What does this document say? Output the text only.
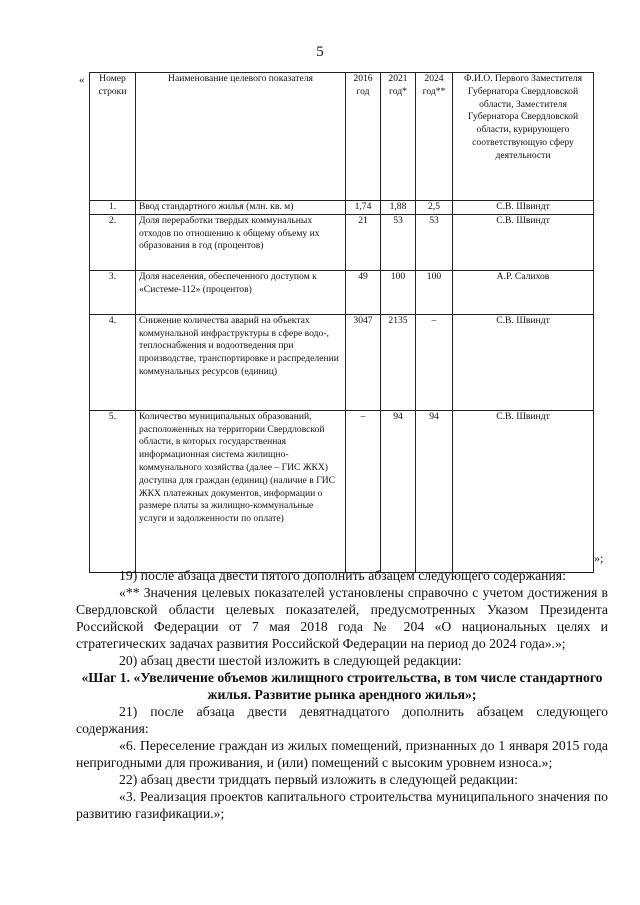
5
« Номер строки	Наименование целевого показателя	2016 год	2021 год*	2024 год**	Ф.И.О. Первого Заместителя Губернатора Свердловской области, Заместителя Губернатора Свердловской области, курирующего соответствующую сферу деятельности
1.	Ввод стандартного жилья (млн. кв. м)	1,74	1,88	2,5	С.В. Швиндт
2.	Доля переработки твердых коммунальных отходов по отношению к общему объему их образования в год (процентов)	21	53	53	С.В. Швиндт
3.	Доля населения, обеспеченного доступом к «Системе-112» (процентов)	49	100	100	А.Р. Салихов
4.	Снижение количества аварий на объектах коммунальной инфраструктуры в сфере водо-, теплоснабжения и водоотведения при производстве, транспортировке и распределении коммунальных ресурсов (единиц)	3047	2135	–	С.В. Швиндт
5.	Количество муниципальных образований, расположенных на территории Свердловской области, в которых государственная информационная система жилищно-коммунального хозяйства (далее – ГИС ЖКХ) доступна для граждан (единиц) (наличие в ГИС ЖКХ платежных документов, информации о размере платы за жилищно-коммунальные услуги и задолженности по оплате)	–	94	94	С.В. Швиндт
»;

19) после абзаца двести пятого дополнить абзацем следующего содержания:

«** Значения целевых показателей установлены справочно с учетом достижения в Свердловской области целевых показателей, предусмотренных Указом Президента Российской Федерации от 7 мая 2018 года № 204 «О национальных целях и стратегических задачах развития Российской Федерации на период до 2024 года».»;

20) абзац двести шестой изложить в следующей редакции:

«Шаг 1. «Увеличение объемов жилищного строительства, в том числе стандартного жилья. Развитие рынка арендного жилья»;

21) после абзаца двести девятнадцатого дополнить абзацем следующего содержания:

«6. Переселение граждан из жилых помещений, признанных до 1 января 2015 года непригодными для проживания, и (или) помещений с высоким уровнем износа.»;

22) абзац двести тридцать первый изложить в следующей редакции:

«3. Реализация проектов капитального строительства муниципального значения по развитию газификации.»;
